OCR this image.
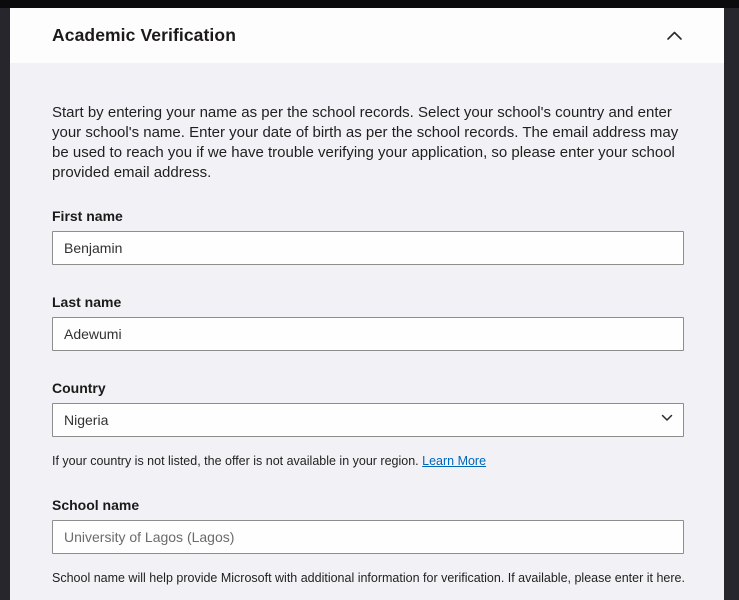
Academic Verification

Start by entering your name as per the school records. Select your school's country and enter your school's name. Enter your date of birth as per the school records. The email address may be used to reach you if we have trouble verifying your application, so please enter your school provided email address.

First name
Benjamin
Last name
Adewumi
Country
Nigeria

If your country is not listed, the offer is not available in your region. Learn More

School name
University of Lagos (Lagos)

School name will help provide Microsoft with additional information for verification. If available, please enter it here.
